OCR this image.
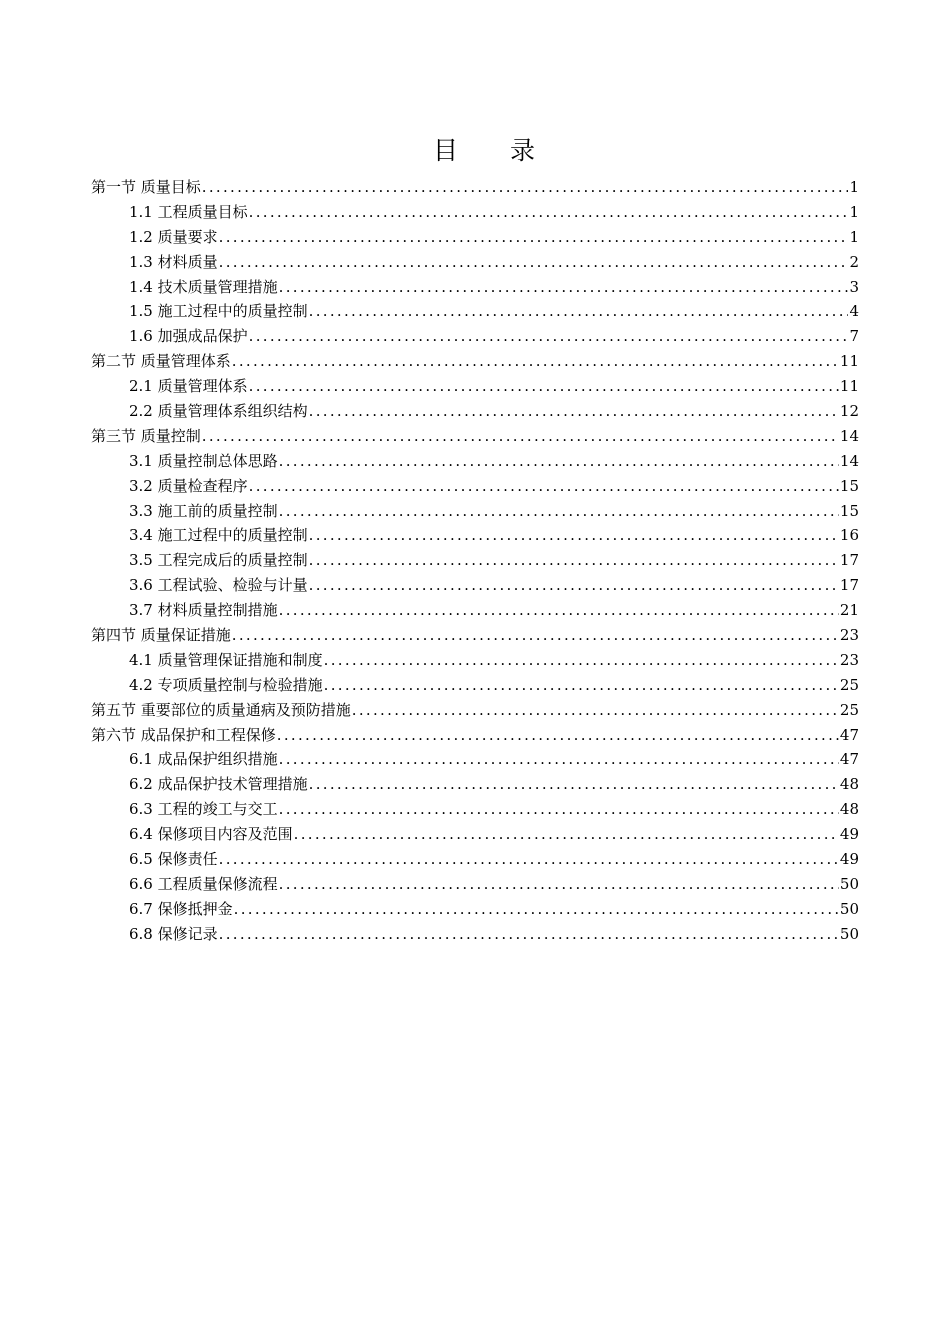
目 录
第一节 质量目标 .....	1
1.1 工程质量目标 .....	1
1.2 质量要求 .....	1
1.3 材料质量 .....	2
1.4 技术质量管理措施 .....	3
1.5 施工过程中的质量控制 .....	4
1.6 加强成品保护 .....	7
第二节 质量管理体系 .....	11
2.1 质量管理体系 .....	11
2.2 质量管理体系组织结构 .....	12
第三节 质量控制 .....	14
3.1 质量控制总体思路 .....	14
3.2 质量检查程序 .....	15
3.3 施工前的质量控制 .....	15
3.4 施工过程中的质量控制 .....	16
3.5 工程完成后的质量控制 .....	17
3.6 工程试验、检验与计量 .....	17
3.7 材料质量控制措施 .....	21
第四节 质量保证措施 .....	23
4.1 质量管理保证措施和制度 .....	23
4.2 专项质量控制与检验措施 .....	25
第五节 重要部位的质量通病及预防措施 .....	25
第六节 成品保护和工程保修 .....	47
6.1 成品保护组织措施 .....	47
6.2 成品保护技术管理措施 .....	48
6.3 工程的竣工与交工 .....	48
6.4 保修项目内容及范围 .....	49
6.5 保修责任 .....	49
6.6 工程质量保修流程 .....	50
6.7 保修抵押金 .....	50
6.8 保修记录 .....	50
